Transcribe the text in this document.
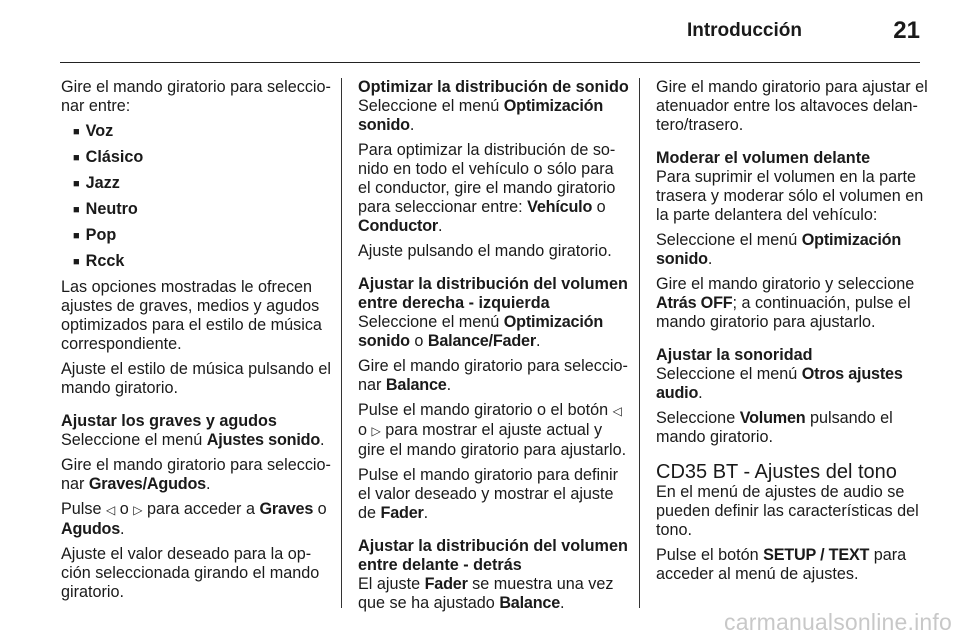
Introducción	21

Gire el mando giratorio para seleccio-nar entre:

■ Voz
■ Clásico
■ Jazz
■ Neutro
■ Pop
■ Rcck

Las opciones mostradas le ofrecen ajustes de graves, medios y agudos optimizados para el estilo de música correspondiente.

Ajuste el estilo de música pulsando el mando giratorio.

Ajustar los graves y agudos

Seleccione el menú Ajustes sonido.

Gire el mando giratorio para seleccio-nar Graves/Agudos.

Pulse ◁ o ▷ para acceder a Graves o Agudos.

Ajuste el valor deseado para la op-ción seleccionada girando el mando giratorio.

Optimizar la distribución de sonido

Seleccione el menú Optimización sonido.

Para optimizar la distribución de so-nido en todo el vehículo o sólo para el conductor, gire el mando giratorio para seleccionar entre: Vehículo o Conductor.

Ajuste pulsando el mando giratorio.

Ajustar la distribución del volumen entre derecha - izquierda

Seleccione el menú Optimización sonido o Balance/Fader.

Gire el mando giratorio para seleccio-nar Balance.

Pulse el mando giratorio o el botón ◁ o ▷ para mostrar el ajuste actual y gire el mando giratorio para ajustarlo.

Pulse el mando giratorio para definir el valor deseado y mostrar el ajuste de Fader.

Ajustar la distribución del volumen entre delante - detrás

El ajuste Fader se muestra una vez que se ha ajustado Balance.

Gire el mando giratorio para ajustar el atenuador entre los altavoces delan-tero/trasero.

Moderar el volumen delante

Para suprimir el volumen en la parte trasera y moderar sólo el volumen en la parte delantera del vehículo:

Seleccione el menú Optimización sonido.

Gire el mando giratorio y seleccione Atrás OFF; a continuación, pulse el mando giratorio para ajustarlo.

Ajustar la sonoridad

Seleccione el menú Otros ajustes audio.

Seleccione Volumen pulsando el mando giratorio.

CD35 BT - Ajustes del tono

En el menú de ajustes de audio se pueden definir las características del tono.

Pulse el botón SETUP / TEXT para acceder al menú de ajustes.

carmanualsonline.info
